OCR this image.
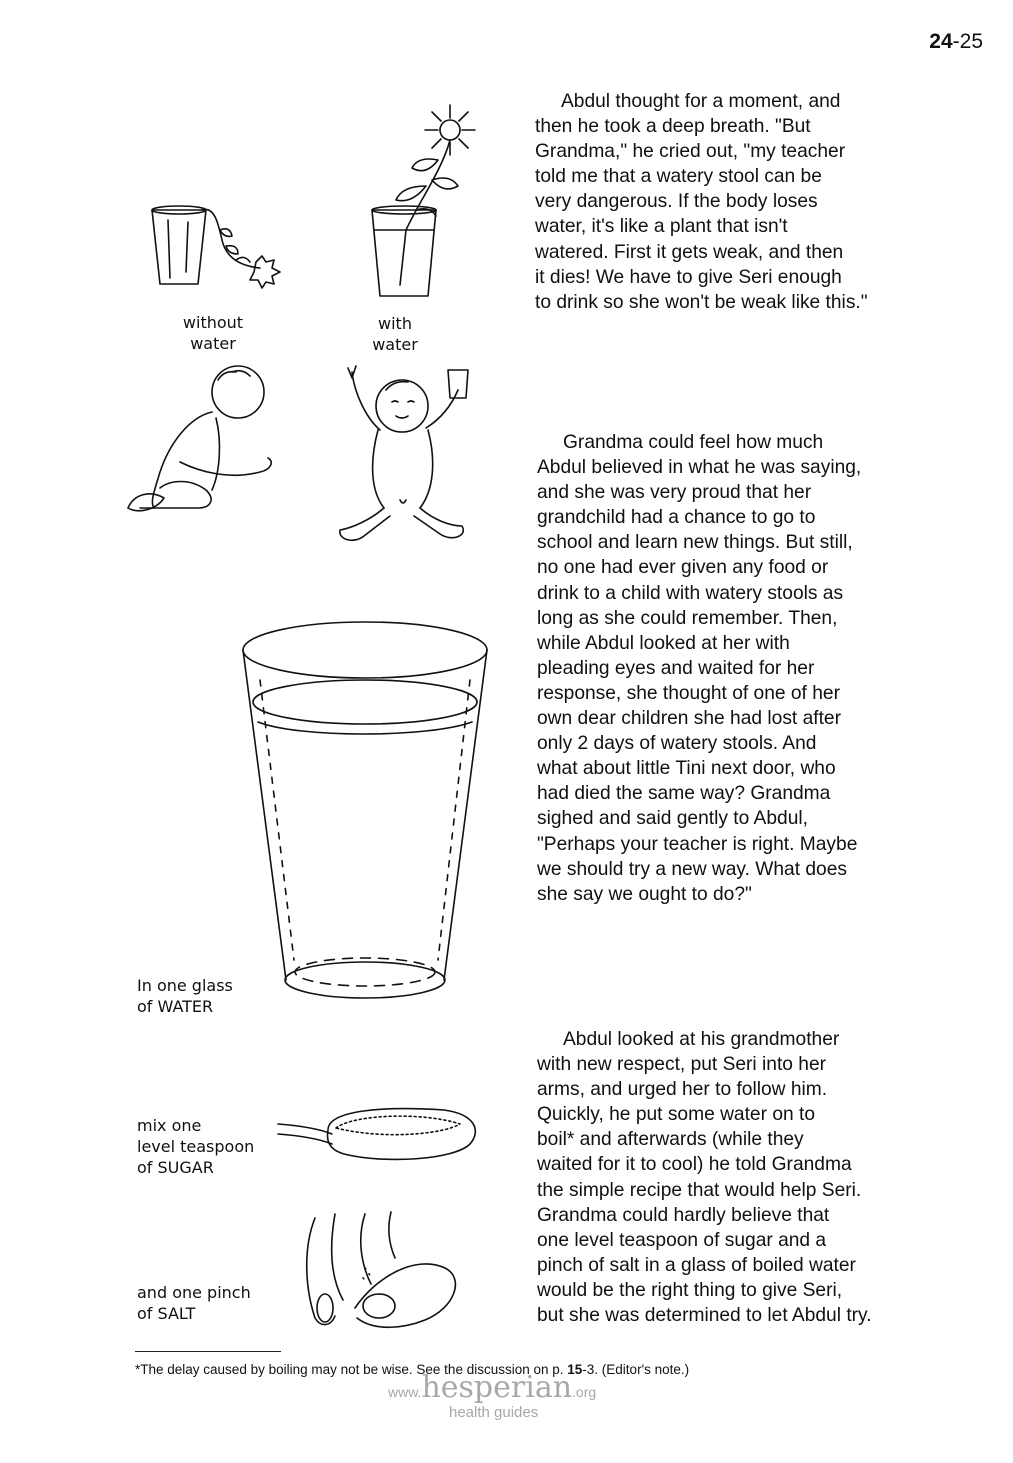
24-25
without
water
with
water
In one glass
of WATER
mix one
level teaspoon
of SUGAR
and one pinch
of SALT
Abdul thought for a moment, and
then he took a deep breath. "But
Grandma," he cried out, "my teacher
told me that a watery stool can be
very dangerous. If the body loses
water, it's like a plant that isn't
watered. First it gets weak, and then
it dies! We have to give Seri enough
to drink so she won't be weak like this."
Grandma could feel how much
Abdul believed in what he was saying,
and she was very proud that her
grandchild had a chance to go to
school and learn new things. But still,
no one had ever given any food or
drink to a child with watery stools as
long as she could remember. Then,
while Abdul looked at her with
pleading eyes and waited for her
response, she thought of one of her
own dear children she had lost after
only 2 days of watery stools. And
what about little Tini next door, who
had died the same way? Grandma
sighed and said gently to Abdul,
"Perhaps your teacher is right. Maybe
we should try a new way. What does
she say we ought to do?"
Abdul looked at his grandmother
with new respect, put Seri into her
arms, and urged her to follow him.
Quickly, he put some water on to
boil* and afterwards (while they
waited for it to cool) he told Grandma
the simple recipe that would help Seri.
Grandma could hardly believe that
one level teaspoon of sugar and a
pinch of salt in a glass of boiled water
would be the right thing to give Seri,
but she was determined to let Abdul try.
*The delay caused by boiling may not be wise. See the discussion on p. 15-3. (Editor's note.)
www.hesperian.org
health guides
